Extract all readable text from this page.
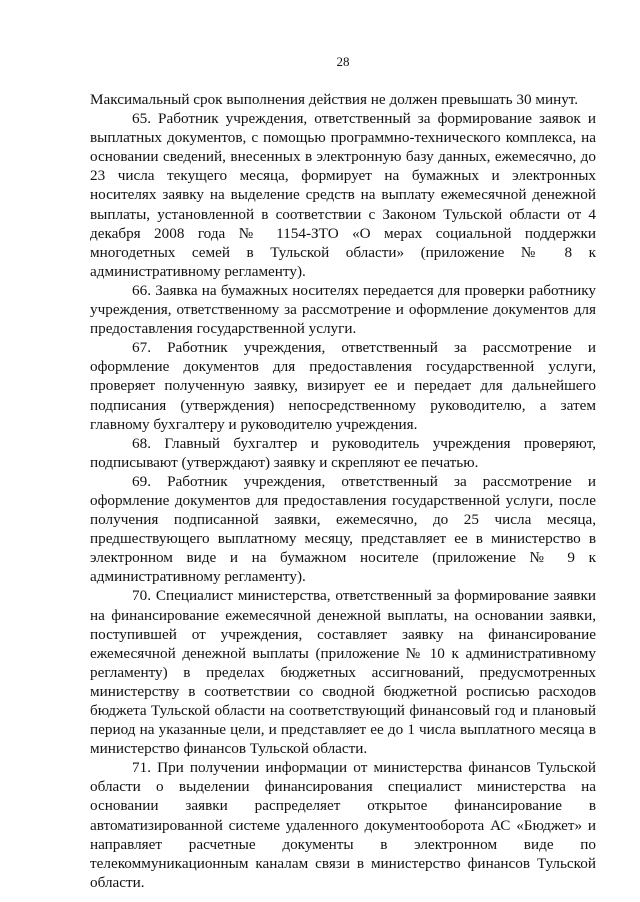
28

Максимальный срок выполнения действия не должен превышать 30 минут.

65. Работник учреждения, ответственный за формирование заявок и выплатных документов, с помощью программно-технического комплекса, на основании сведений, внесенных в электронную базу данных, ежемесячно, до 23 числа текущего месяца, формирует на бумажных и электронных носителях заявку на выделение средств на выплату ежемесячной денежной выплаты, установленной в соответствии с Законом Тульской области от 4 декабря 2008 года № 1154-ЗТО «О мерах социальной поддержки многодетных семей в Тульской области» (приложение № 8 к административному регламенту).

66. Заявка на бумажных носителях передается для проверки работнику учреждения, ответственному за рассмотрение и оформление документов для предоставления государственной услуги.

67. Работник учреждения, ответственный за рассмотрение и оформление документов для предоставления государственной услуги, проверяет полученную заявку, визирует ее и передает для дальнейшего подписания (утверждения) непосредственному руководителю, а затем главному бухгалтеру и руководителю учреждения.

68. Главный бухгалтер и руководитель учреждения проверяют, подписывают (утверждают) заявку и скрепляют ее печатью.

69. Работник учреждения, ответственный за рассмотрение и оформление документов для предоставления государственной услуги, после получения подписанной заявки, ежемесячно, до 25 числа месяца, предшествующего выплатному месяцу, представляет ее в министерство в электронном виде и на бумажном носителе (приложение № 9 к административному регламенту).

70. Специалист министерства, ответственный за формирование заявки на финансирование ежемесячной денежной выплаты, на основании заявки, поступившей от учреждения, составляет заявку на финансирование ежемесячной денежной выплаты (приложение № 10 к административному регламенту) в пределах бюджетных ассигнований, предусмотренных министерству в соответствии со сводной бюджетной росписью расходов бюджета Тульской области на соответствующий финансовый год и плановый период на указанные цели, и представляет ее до 1 числа выплатного месяца в министерство финансов Тульской области.

71. При получении информации от министерства финансов Тульской области о выделении финансирования специалист министерства на основании заявки распределяет открытое финансирование в автоматизированной системе удаленного документооборота АС «Бюджет» и направляет расчетные документы в электронном виде по телекоммуникационным каналам связи в министерство финансов Тульской области.
